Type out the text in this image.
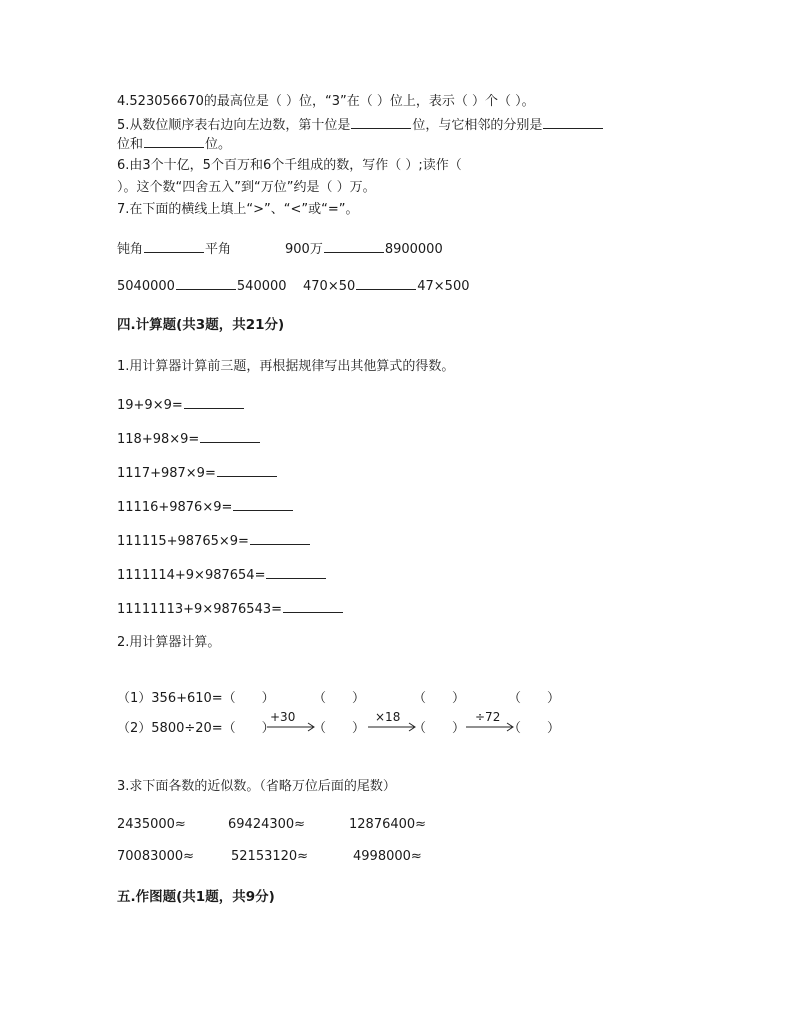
4.523056670的最高位是（ ）位，“3”在（ ）位上，表示（ ）个（ ）。
5.从数位顺序表右边向左边数，第十位是	位，与它相邻的分别是
位和	位。
6.由3个十亿，5个百万和6个千组成的数，写作（ ）;读作（
）。这个数“四舍五入”到“万位”约是（ ）万。
7.在下面的横线上填上“>”、“<”或“=”。
钝角	平角	900万	8900000
5040000	540000 470×50	47×500
四.计算题(共3题，共21分)
1.用计算器计算前三题，再根据规律写出其他算式的得数。
19+9×9=
118+98×9=
1117+987×9=
11116+9876×9=
111115+98765×9=
1111114+9×987654=
11111113+9×9876543=
2.用计算器计算。
（1）356+610=（　　）	（　　）	（　　）	（　　）
（2）5800÷20=（　　）	（　　）	（　　）	（　　）
+30	×18	÷72
3.求下面各数的近似数。（省略万位后面的尾数）
2435000≈	69424300≈	12876400≈
70083000≈	52153120≈	4998000≈
五.作图题(共1题，共9分)
